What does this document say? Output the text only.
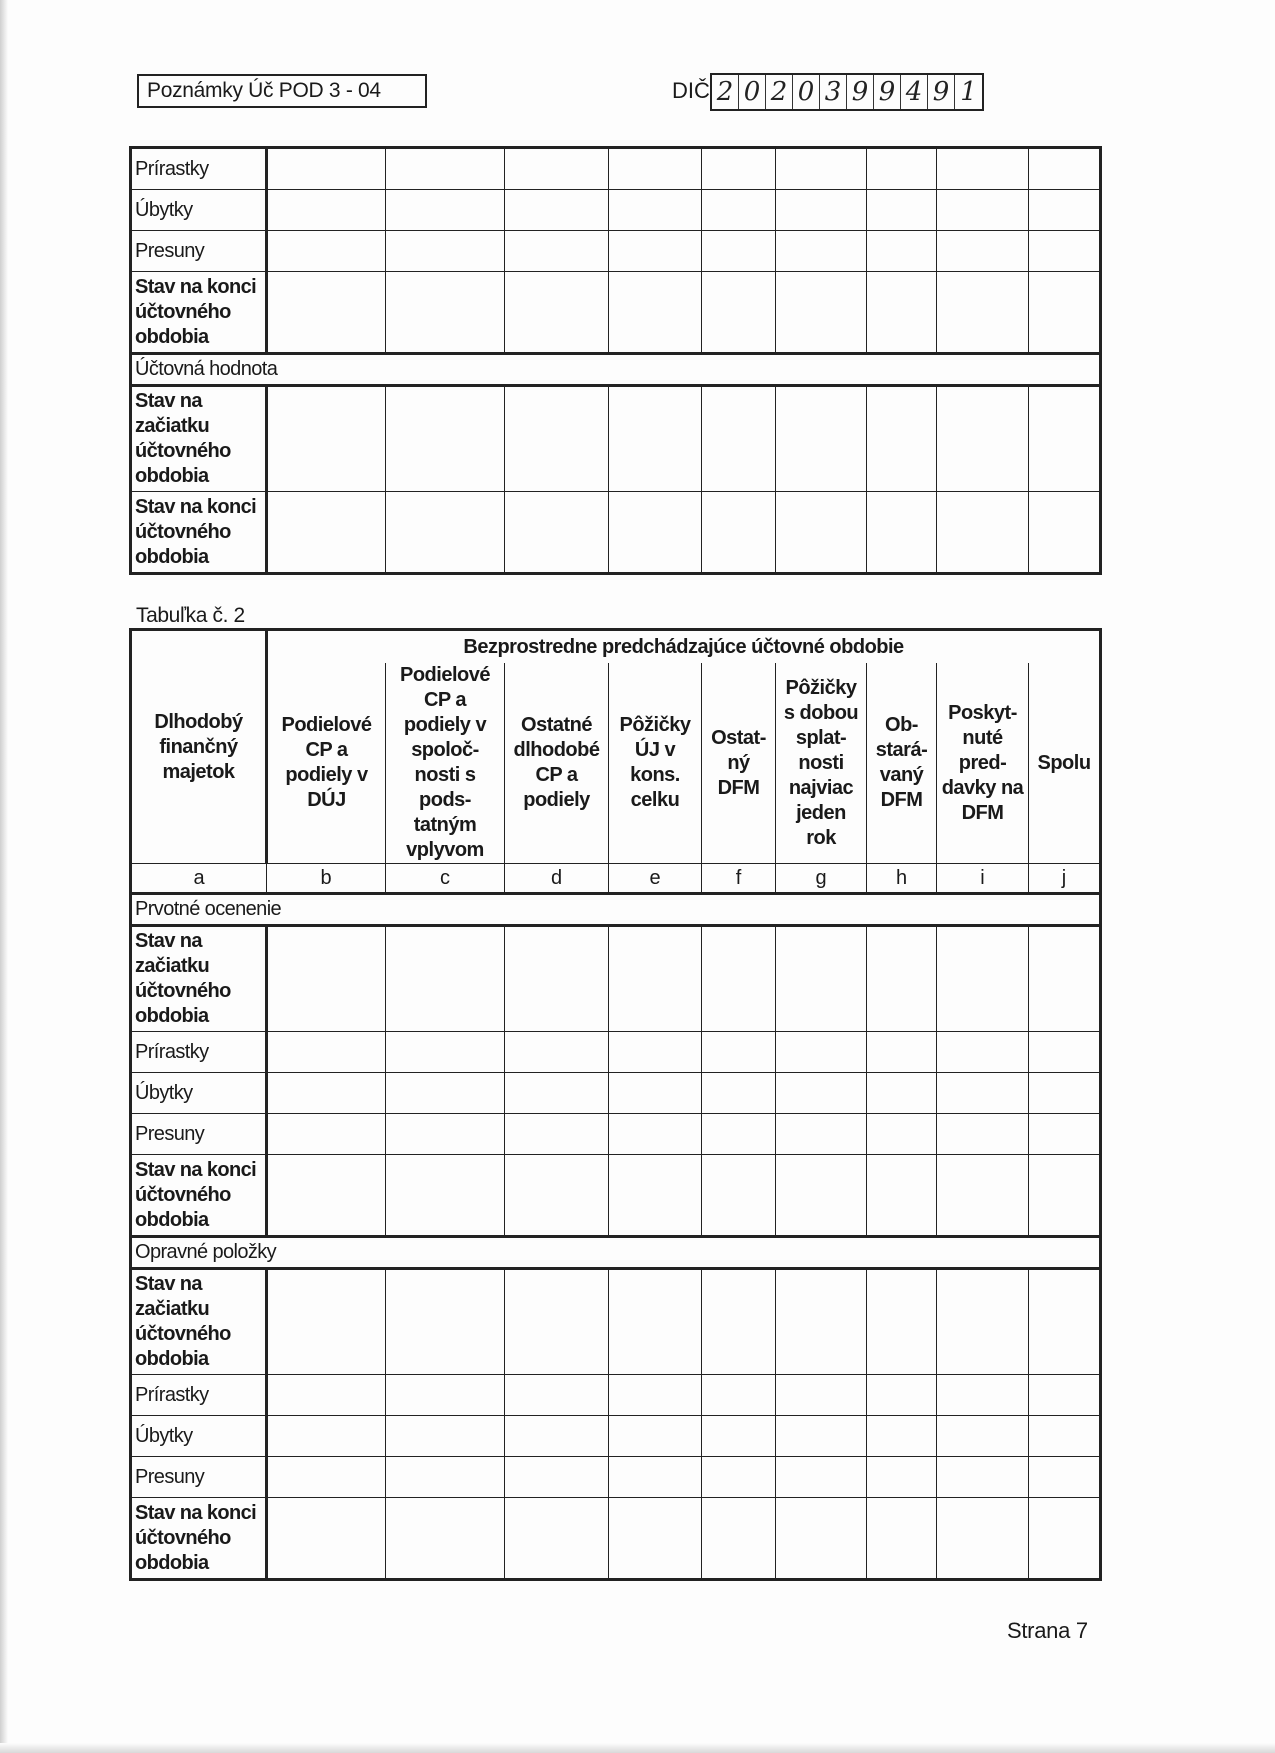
Poznámky Úč POD 3 - 04	DIČ 2 0 2 0 3 9 9 4 9 1
Prírastky									
Úbytky									
Presuny									
Stav na konci účtovného obdobia									
Účtovná hodnota									
Stav na začiatku účtovného obdobia									
Stav na konci účtovného obdobia									
Tabuľka č. 2
Dlhodobý finančný majetok	Bezprostredne predchádzajúce účtovné obdobie								
	Podielové CP a podiely v DÚJ	Podielové CP a podiely v spoloč- nosti s pods- tatným vplyvom	Ostatné dlhodobé CP a podiely	Pôžičky ÚJ v kons. celku	Ostat- ný DFM	Pôžičky s dobou splat- nosti najviac jeden rok	Ob- stará- vaný DFM	Poskyt- nuté pred- davky na DFM	Spolu
a	b	c	d	e	f	g	h	i	j
Prvotné ocenenie									
Stav na začiatku účtovného obdobia									
Prírastky									
Úbytky									
Presuny									
Stav na konci účtovného obdobia									
Opravné položky									
Stav na začiatku účtovného obdobia									
Prírastky									
Úbytky									
Presuny									
Stav na konci účtovného obdobia									
Strana 7
